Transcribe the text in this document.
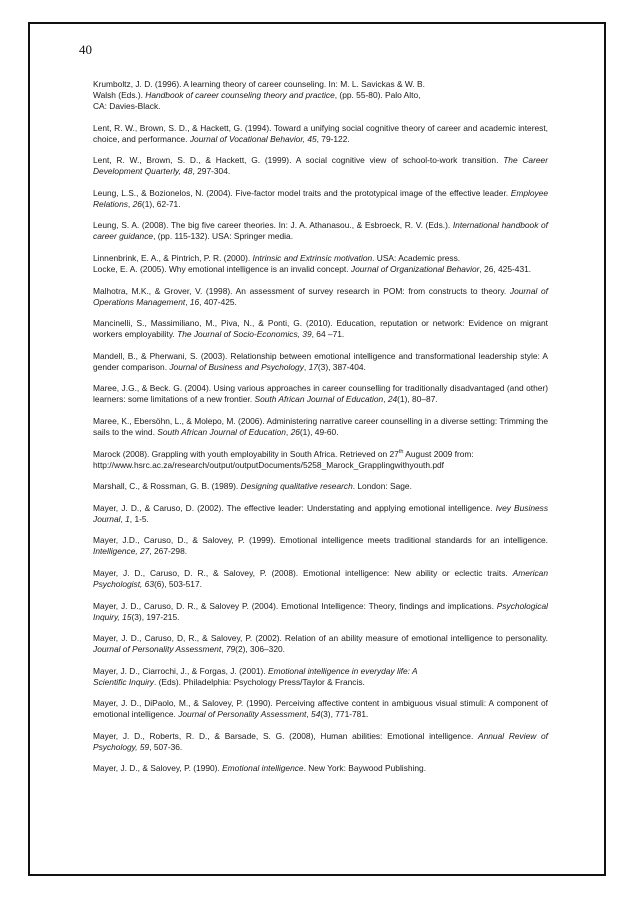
40

Krumboltz, J. D. (1996). A learning theory of career counseling. In: M. L. Savickas & W. B.
Walsh (Eds.). Handbook of career counseling theory and practice, (pp. 55-80). Palo Alto,
CA: Davies-Black.

Lent, R. W., Brown, S. D., & Hackett, G. (1994). Toward a unifying social cognitive theory of career and academic interest, choice, and performance. Journal of Vocational Behavior, 45, 79-122.

Lent, R. W., Brown, S. D., & Hackett, G. (1999). A social cognitive view of school-to-work transition. The Career Development Quarterly, 48, 297-304.

Leung, L.S., & Bozionelos, N. (2004). Five-factor model traits and the prototypical image of the effective leader. Employee Relations, 26(1), 62-71.

Leung, S. A. (2008). The big five career theories. In: J. A. Athanasou., & Esbroeck, R. V. (Eds.). International handbook of career guidance, (pp. 115-132). USA: Springer media.

Linnenbrink, E. A., & Pintrich, P. R. (2000). Intrinsic and Extrinsic motivation. USA: Academic press.
Locke, E. A. (2005). Why emotional intelligence is an invalid concept. Journal of Organizational Behavior, 26, 425-431.

Malhotra, M.K., & Grover, V. (1998). An assessment of survey research in POM: from constructs to theory. Journal of Operations Management, 16, 407-425.

Mancinelli, S., Massimiliano, M., Piva, N., & Ponti, G. (2010). Education, reputation or network: Evidence on migrant workers employability. The Journal of Socio-Economics, 39, 64 –71.

Mandell, B., & Pherwani, S. (2003). Relationship between emotional intelligence and transformational leadership style: A gender comparison. Journal of Business and Psychology, 17(3), 387-404.

Maree, J.G., & Beck. G. (2004). Using various approaches in career counselling for traditionally disadvantaged (and other) learners: some limitations of a new frontier. South African Journal of Education, 24(1), 80–87.

Maree, K., Ebersöhn, L., & Molepo, M. (2006). Administering narrative career counselling in a diverse setting: Trimming the sails to the wind. South African Journal of Education, 26(1), 49-60.

Marock (2008). Grappling with youth employability in South Africa. Retrieved on 27th August 2009 from:
http://www.hsrc.ac.za/research/output/outputDocuments/5258_Marock_Grapplingwithyouth.pdf

Marshall, C., & Rossman, G. B. (1989). Designing qualitative research. London: Sage.

Mayer, J. D., & Caruso, D. (2002). The effective leader: Understating and applying emotional intelligence. Ivey Business Journal, 1, 1-5.

Mayer, J.D., Caruso, D., & Salovey, P. (1999). Emotional intelligence meets traditional standards for an intelligence. Intelligence, 27, 267-298.

Mayer, J. D., Caruso, D. R., & Salovey, P. (2008). Emotional intelligence: New ability or eclectic traits. American Psychologist, 63(6), 503-517.

Mayer, J. D., Caruso, D. R., & Salovey P. (2004). Emotional Intelligence: Theory, findings and implications. Psychological Inquiry, 15(3), 197-215.

Mayer, J. D., Caruso, D, R., & Salovey, P. (2002). Relation of an ability measure of emotional intelligence to personality. Journal of Personality Assessment, 79(2), 306–320.

Mayer, J. D., Ciarrochi, J., & Forgas, J. (2001). Emotional intelligence in everyday life: A
Scientific Inquiry. (Eds). Philadelphia: Psychology Press/Taylor & Francis.

Mayer, J. D., DiPaolo, M., & Salovey, P. (1990). Perceiving affective content in ambiguous visual stimuli: A component of emotional intelligence. Journal of Personality Assessment, 54(3), 771-781.

Mayer, J. D., Roberts, R. D., & Barsade, S. G. (2008), Human abilities: Emotional intelligence. Annual Review of Psychology, 59, 507-36.

Mayer, J. D., & Salovey, P. (1990). Emotional intelligence. New York: Baywood Publishing.
